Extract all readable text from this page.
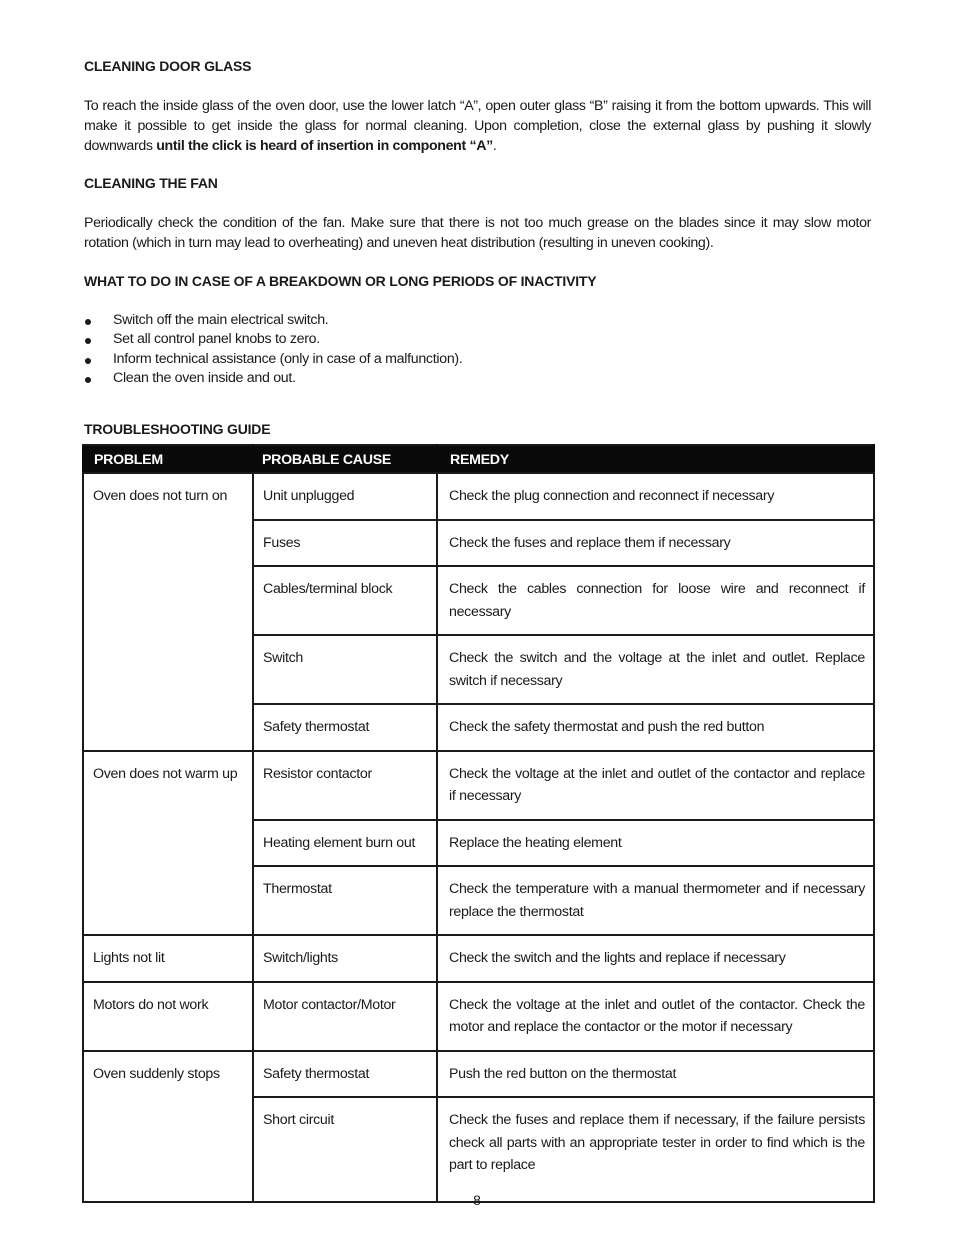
CLEANING DOOR GLASS
To reach the inside glass of the oven door, use the lower latch “A”, open outer glass “B” raising it from the bottom upwards. This will make it possible to get inside the glass for normal cleaning. Upon completion, close the external glass by pushing it slowly downwards until the click is heard of insertion in component “A”.
CLEANING THE FAN
Periodically check the condition of the fan. Make sure that there is not too much grease on the blades since it may slow motor rotation (which in turn may lead to overheating) and uneven heat distribution (resulting in uneven cooking).
WHAT TO DO IN CASE OF A BREAKDOWN OR LONG PERIODS OF INACTIVITY
Switch off the main electrical switch.
Set all control panel knobs to zero.
Inform technical assistance (only in case of a malfunction).
Clean the oven inside and out.
TROUBLESHOOTING GUIDE
PROBLEM	PROBABLE CAUSE	REMEDY

Oven does not turn on	Unit unplugged	Check the plug connection and reconnect if necessary

	Fuses	Check the fuses and replace them if necessary

	Cables/terminal block	Check the cables connection for loose wire and reconnect if necessary

	Switch	Check the switch and the voltage at the inlet and outlet. Replace switch if necessary

	Safety thermostat	Check the safety thermostat and push the red button

Oven does not warm up	Resistor contactor	Check the voltage at the inlet and outlet of the contactor and replace if necessary

	Heating element burn out	Replace the heating element

	Thermostat	Check the temperature with a manual thermometer and if necessary replace the thermostat

Lights not lit	Switch/lights	Check the switch and the lights and replace if necessary

Motors do not work	Motor contactor/Motor	Check the voltage at the inlet and outlet of the contactor. Check the motor and replace the contactor or the motor if necessary

Oven suddenly stops	Safety thermostat	Push the red button on the thermostat

	Short circuit	Check the fuses and replace them if necessary, if the failure persists check all parts with an appropriate tester in order to find which is the part to replace
8
